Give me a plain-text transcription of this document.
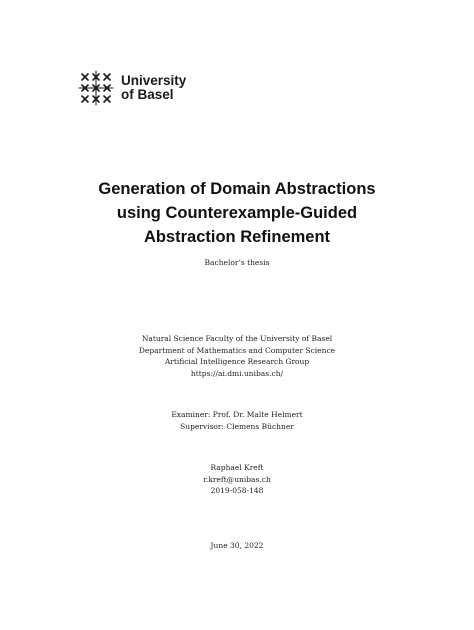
University
of Basel
Generation of Domain Abstractions
using Counterexample-Guided
Abstraction Refinement
Bachelor’s thesis
Natural Science Faculty of the University of Basel
Department of Mathematics and Computer Science
Artificial Intelligence Research Group
https://ai.dmi.unibas.ch/
Examiner: Prof. Dr. Malte Helmert
Supervisor: Clemens Büchner
Raphael Kreft
r.kreft@unibas.ch
2019-058-148
June 30, 2022
